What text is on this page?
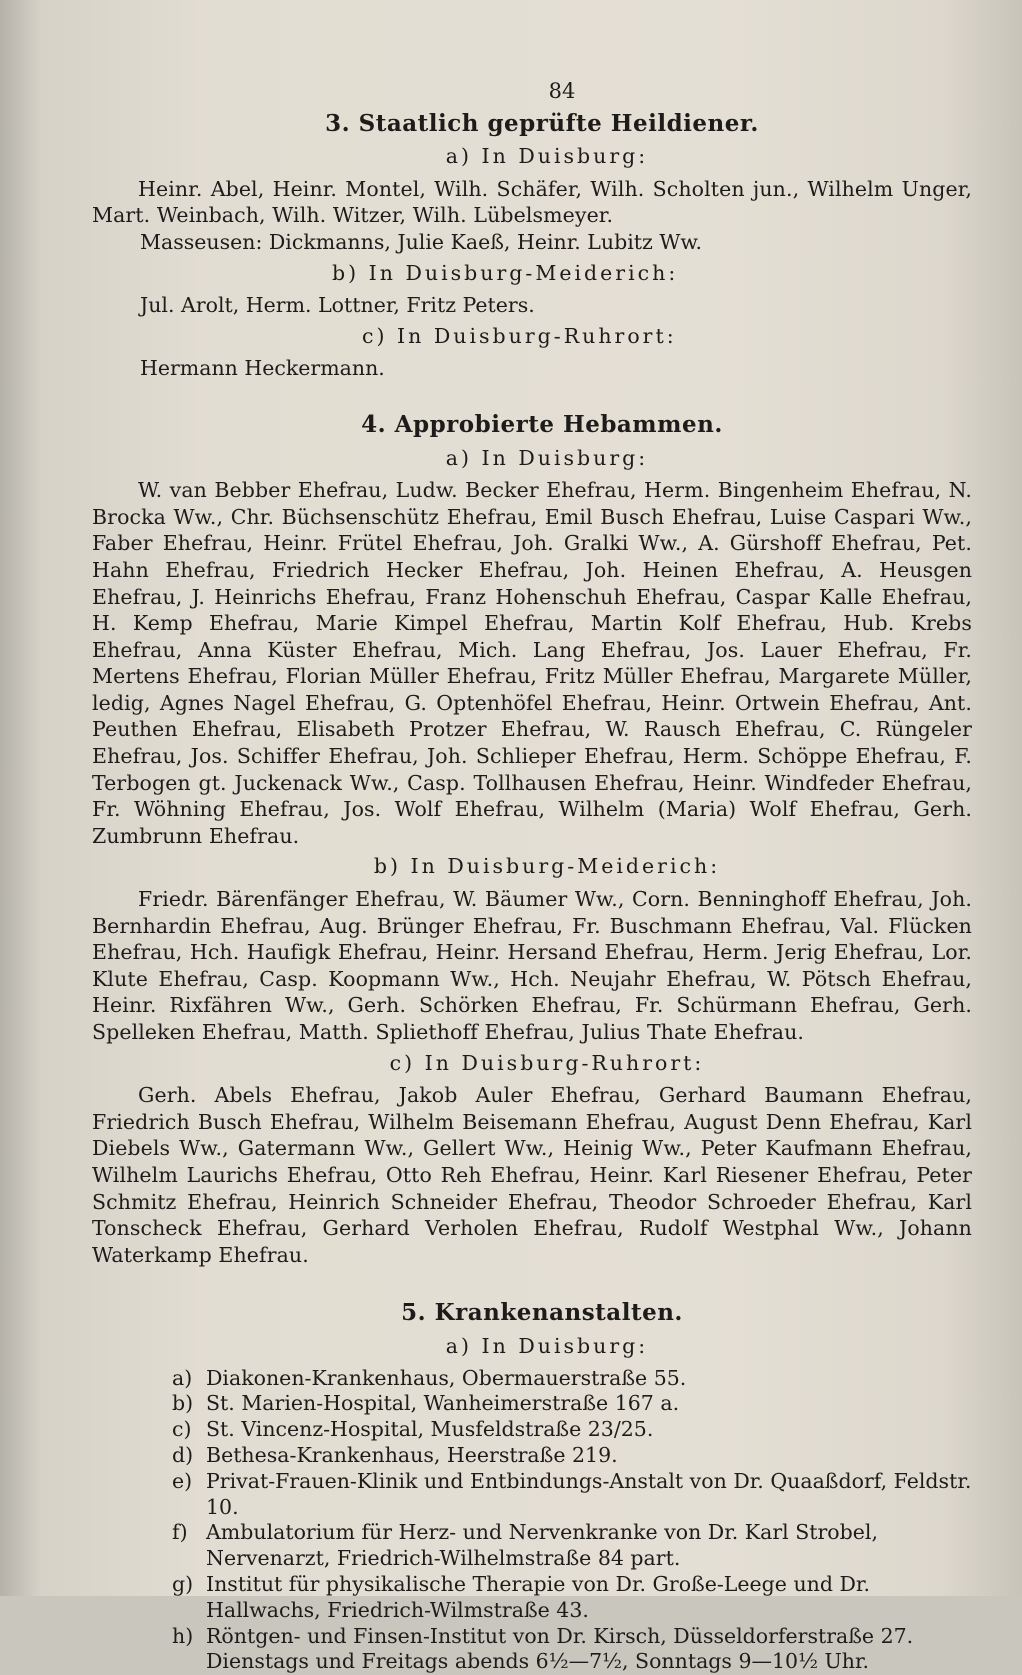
84
3. Staatlich geprüfte Heildiener.
a) In Duisburg:

Heinr. Abel, Heinr. Montel, Wilh. Schäfer, Wilh. Scholten jun., Wilhelm Unger, Mart. Weinbach, Wilh. Witzer, Wilh. Lübelsmeyer.

Masseusen: Dickmanns, Julie Kaeß, Heinr. Lubitz Ww.

b) In Duisburg-Meiderich:

Jul. Arolt, Herm. Lottner, Fritz Peters.

c) In Duisburg-Ruhrort:

Hermann Heckermann.

4. Approbierte Hebammen.
a) In Duisburg:

W. van Bebber Ehefrau, Ludw. Becker Ehefrau, Herm. Bingenheim Ehefrau, N. Brocka Ww., Chr. Büchsenschütz Ehefrau, Emil Busch Ehefrau, Luise Caspari Ww., Faber Ehefrau, Heinr. Frütel Ehefrau, Joh. Gralki Ww., A. Gürshoff Ehefrau, Pet. Hahn Ehefrau, Friedrich Hecker Ehefrau, Joh. Heinen Ehefrau, A. Heusgen Ehefrau, J. Heinrichs Ehefrau, Franz Hohenschuh Ehefrau, Caspar Kalle Ehefrau, H. Kemp Ehefrau, Marie Kimpel Ehefrau, Martin Kolf Ehefrau, Hub. Krebs Ehefrau, Anna Küster Ehefrau, Mich. Lang Ehefrau, Jos. Lauer Ehefrau, Fr. Mertens Ehefrau, Florian Müller Ehefrau, Fritz Müller Ehefrau, Margarete Müller, ledig, Agnes Nagel Ehefrau, G. Optenhöfel Ehefrau, Heinr. Ortwein Ehefrau, Ant. Peuthen Ehefrau, Elisabeth Protzer Ehefrau, W. Rausch Ehefrau, C. Rüngeler Ehefrau, Jos. Schiffer Ehefrau, Joh. Schlieper Ehefrau, Herm. Schöppe Ehefrau, F. Terbogen gt. Juckenack Ww., Casp. Tollhausen Ehefrau, Heinr. Windfeder Ehefrau, Fr. Wöhning Ehefrau, Jos. Wolf Ehefrau, Wilhelm (Maria) Wolf Ehefrau, Gerh. Zumbrunn Ehefrau.

b) In Duisburg-Meiderich:

Friedr. Bärenfänger Ehefrau, W. Bäumer Ww., Corn. Benninghoff Ehefrau, Joh. Bernhardin Ehefrau, Aug. Brünger Ehefrau, Fr. Buschmann Ehefrau, Val. Flücken Ehefrau, Hch. Haufigk Ehefrau, Heinr. Hersand Ehefrau, Herm. Jerig Ehefrau, Lor. Klute Ehefrau, Casp. Koopmann Ww., Hch. Neujahr Ehefrau, W. Pötsch Ehefrau, Heinr. Rixfähren Ww., Gerh. Schörken Ehefrau, Fr. Schürmann Ehefrau, Gerh. Spelleken Ehefrau, Matth. Spliethoff Ehefrau, Julius Thate Ehefrau.

c) In Duisburg-Ruhrort:

Gerh. Abels Ehefrau, Jakob Auler Ehefrau, Gerhard Baumann Ehefrau, Friedrich Busch Ehefrau, Wilhelm Beisemann Ehefrau, August Denn Ehefrau, Karl Diebels Ww., Gatermann Ww., Gellert Ww., Heinig Ww., Peter Kaufmann Ehefrau, Wilhelm Laurichs Ehefrau, Otto Reh Ehefrau, Heinr. Karl Riesener Ehefrau, Peter Schmitz Ehefrau, Heinrich Schneider Ehefrau, Theodor Schroeder Ehefrau, Karl Tonscheck Ehefrau, Gerhard Verholen Ehefrau, Rudolf Westphal Ww., Johann Waterkamp Ehefrau.

5. Krankenanstalten.
a) In Duisburg:
a) Diakonen-Krankenhaus, Obermauerstraße 55.
b) St. Marien-Hospital, Wanheimerstraße 167 a.
c) St. Vincenz-Hospital, Musfeldstraße 23/25.
d) Bethesa-Krankenhaus, Heerstraße 219.
e) Privat-Frauen-Klinik und Entbindungs-Anstalt von Dr. Quaaßdorf, Feldstr. 10.
f) Ambulatorium für Herz- und Nervenkranke von Dr. Karl Strobel, Nervenarzt, Friedrich-Wilhelmstraße 84 part.
g) Institut für physikalische Therapie von Dr. Große-Leege und Dr. Hallwachs, Friedrich-Wilmstraße 43.
h) Röntgen- und Finsen-Institut von Dr. Kirsch, Düsseldorferstraße 27. Dienstags und Freitags abends 6½—7½, Sonntags 9—10½ Uhr.
